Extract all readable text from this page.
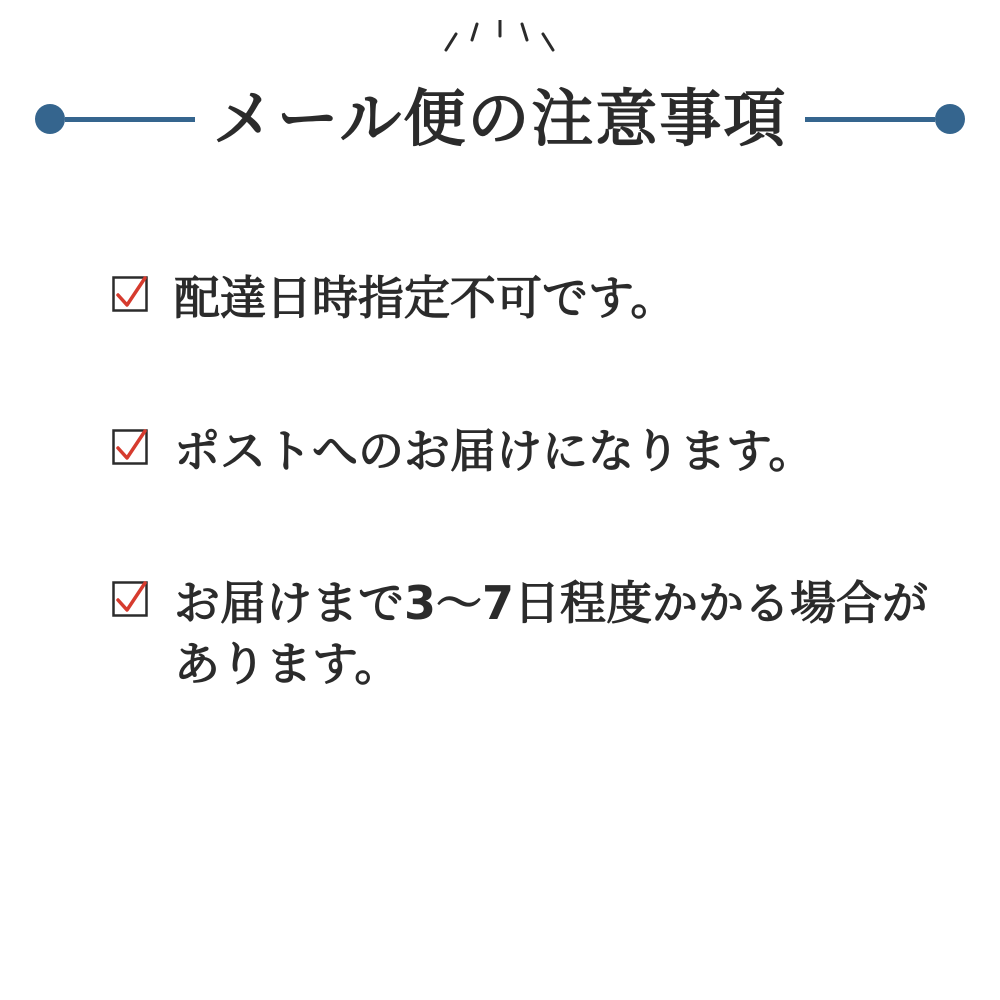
メール便の注意事項
配達日時指定不可です。
ポストへのお届けになります。
お届けまで3〜7日程度かかる場合があります。
